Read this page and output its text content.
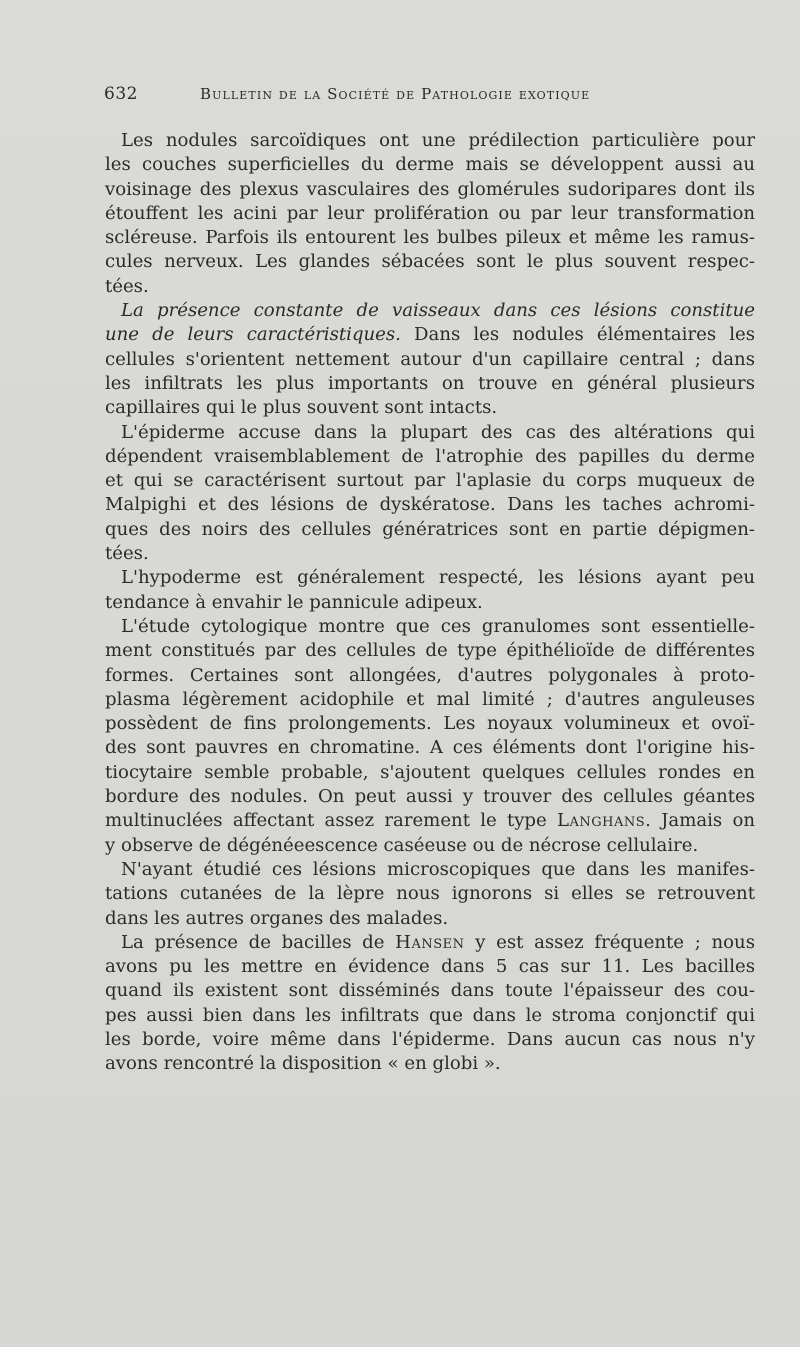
632	Bulletin de la Société de Pathologie exotique

Les nodules sarcoïdiques ont une prédilection particulière pour
les couches superficielles du derme mais se développent aussi au
voisinage des plexus vasculaires des glomérules sudoripares dont ils
étouffent les acini par leur prolifération ou par leur transformation
scléreuse. Parfois ils entourent les bulbes pileux et même les ramus-
cules nerveux. Les glandes sébacées sont le plus souvent respec-
tées.

La présence constante de vaisseaux dans ces lésions constitue
une de leurs caractéristiques. Dans les nodules élémentaires les
cellules s'orientent nettement autour d'un capillaire central ; dans
les infiltrats les plus importants on trouve en général plusieurs
capillaires qui le plus souvent sont intacts.

L'épiderme accuse dans la plupart des cas des altérations qui
dépendent vraisemblablement de l'atrophie des papilles du derme
et qui se caractérisent surtout par l'aplasie du corps muqueux de
Malpighi et des lésions de dyskératose. Dans les taches achromi-
ques des noirs des cellules génératrices sont en partie dépigmen-
tées.

L'hypoderme est généralement respecté, les lésions ayant peu
tendance à envahir le pannicule adipeux.

L'étude cytologique montre que ces granulomes sont essentielle-
ment constitués par des cellules de type épithélioïde de différentes
formes. Certaines sont allongées, d'autres polygonales à proto-
plasma légèrement acidophile et mal limité ; d'autres anguleuses
possèdent de fins prolongements. Les noyaux volumineux et ovoï-
des sont pauvres en chromatine. A ces éléments dont l'origine his-
tiocytaire semble probable, s'ajoutent quelques cellules rondes en
bordure des nodules. On peut aussi y trouver des cellules géantes
multinuclées affectant assez rarement le type Langhans. Jamais on
y observe de dégénéeescence caséeuse ou de nécrose cellulaire.

N'ayant étudié ces lésions microscopiques que dans les manifes-
tations cutanées de la lèpre nous ignorons si elles se retrouvent
dans les autres organes des malades.

La présence de bacilles de Hansen y est assez fréquente ; nous
avons pu les mettre en évidence dans 5 cas sur 11. Les bacilles
quand ils existent sont disséminés dans toute l'épaisseur des cou-
pes aussi bien dans les infiltrats que dans le stroma conjonctif qui
les borde, voire même dans l'épiderme. Dans aucun cas nous n'y
avons rencontré la disposition « en globi ».
